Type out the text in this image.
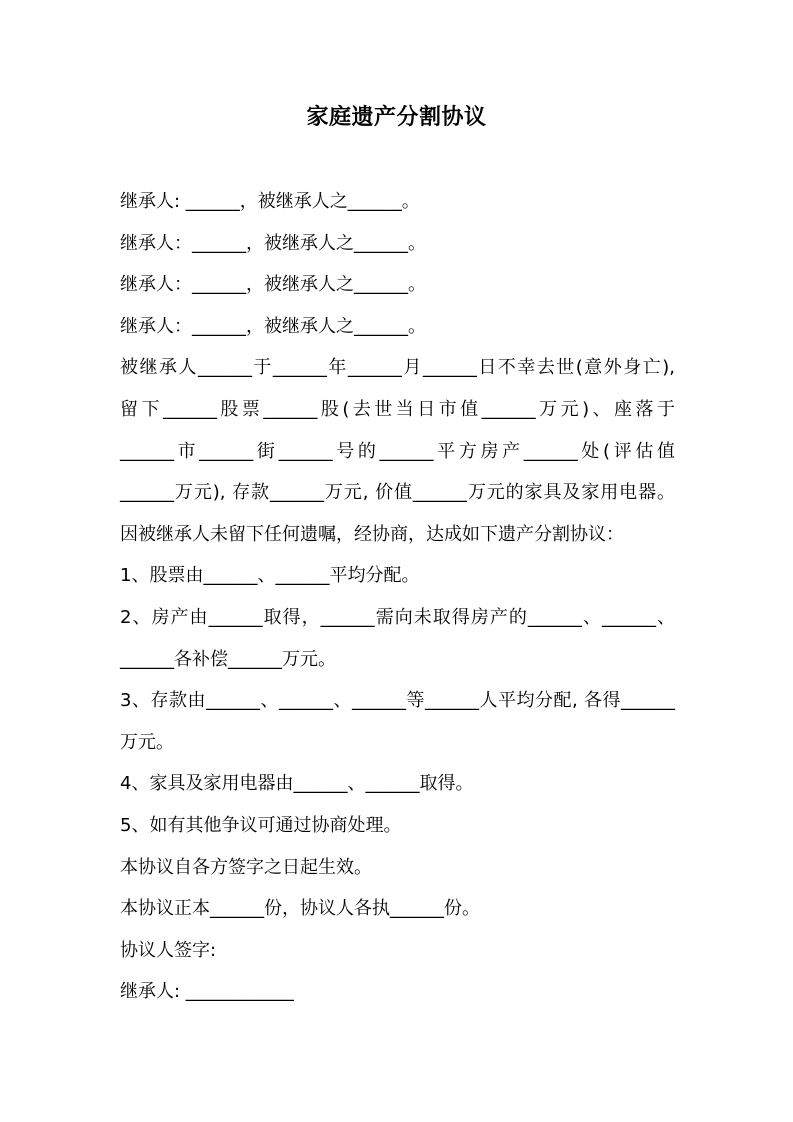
家庭遗产分割协议
继承人: ______，被继承人之______。
继承人：______，被继承人之______。
继承人：______，被继承人之______。
继承人：______，被继承人之______。
被继承人______于______年______月______日不幸去世(意外身亡),
留下______股票______股(去世当日市值______万元)、座落于
______市______街______号的______平方房产______处(评估值
______万元), 存款______万元, 价值______万元的家具及家用电器。
因被继承人未留下任何遗嘱，经协商，达成如下遗产分割协议：
1、股票由______、______平均分配。
2、房产由______取得，______需向未取得房产的______、______、
______各补偿______万元。
3、存款由______、______、______等______人平均分配, 各得______
万元。
4、家具及家用电器由______、______取得。
5、如有其他争议可通过协商处理。
本协议自各方签字之日起生效。
本协议正本______份，协议人各执______份。
协议人签字:
继承人: ____________
